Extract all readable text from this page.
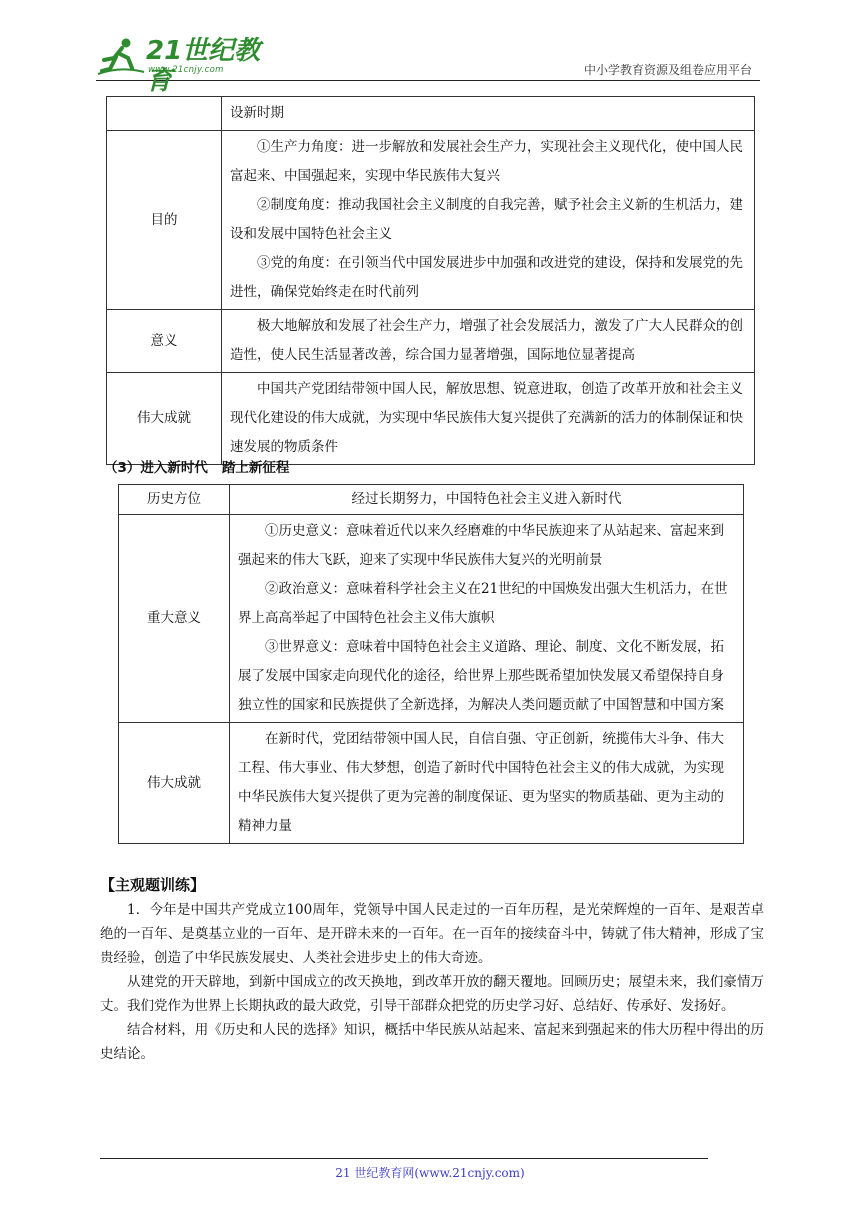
21世纪教育
www.21cnjy.com	中小学教育资源及组卷应用平台

	设新时期

目的	①生产力角度：进一步解放和发展社会生产力，实现社会主义现代化，使中国人民富起来、中国强起来，实现中华民族伟大复兴

②制度角度：推动我国社会主义制度的自我完善，赋予社会主义新的生机活力，建设和发展中国特色社会主义

③党的角度：在引领当代中国发展进步中加强和改进党的建设，保持和发展党的先进性，确保党始终走在时代前列

意义	极大地解放和发展了社会生产力，增强了社会发展活力，激发了广大人民群众的创造性，使人民生活显著改善，综合国力显著增强，国际地位显著提高

伟大成就	中国共产党团结带领中国人民，解放思想、锐意进取，创造了改革开放和社会主义现代化建设的伟大成就，为实现中华民族伟大复兴提供了充满新的活力的体制保证和快速发展的物质条件

（3）进入新时代 踏上新征程
历史方位	经过长期努力，中国特色社会主义进入新时代
重大意义	①历史意义：意味着近代以来久经磨难的中华民族迎来了从站起来、富起来到强起来的伟大飞跃，迎来了实现中华民族伟大复兴的光明前景

②政治意义：意味着科学社会主义在21世纪的中国焕发出强大生机活力，在世界上高高举起了中国特色社会主义伟大旗帜

③世界意义：意味着中国特色社会主义道路、理论、制度、文化不断发展，拓展了发展中国家走向现代化的途径，给世界上那些既希望加快发展又希望保持自身独立性的国家和民族提供了全新选择，为解决人类问题贡献了中国智慧和中国方案

伟大成就	在新时代，党团结带领中国人民，自信自强、守正创新，统揽伟大斗争、伟大工程、伟大事业、伟大梦想，创造了新时代中国特色社会主义的伟大成就，为实现中华民族伟大复兴提供了更为完善的制度保证、更为坚实的物质基础、更为主动的精神力量

【主观题训练】

1．今年是中国共产党成立100周年，党领导中国人民走过的一百年历程，是光荣辉煌的一百年、是艰苦卓绝的一百年、是奠基立业的一百年、是开辟未来的一百年。在一百年的接续奋斗中，铸就了伟大精神，形成了宝贵经验，创造了中华民族发展史、人类社会进步史上的伟大奇迹。

从建党的开天辟地，到新中国成立的改天换地，到改革开放的翻天覆地。回顾历史；展望未来，我们豪情万丈。我们党作为世界上长期执政的最大政党，引导干部群众把党的历史学习好、总结好、传承好、发扬好。

结合材料，用《历史和人民的选择》知识，概括中华民族从站起来、富起来到强起来的伟大历程中得出的历史结论。

21 世纪教育网(www.21cnjy.com)
